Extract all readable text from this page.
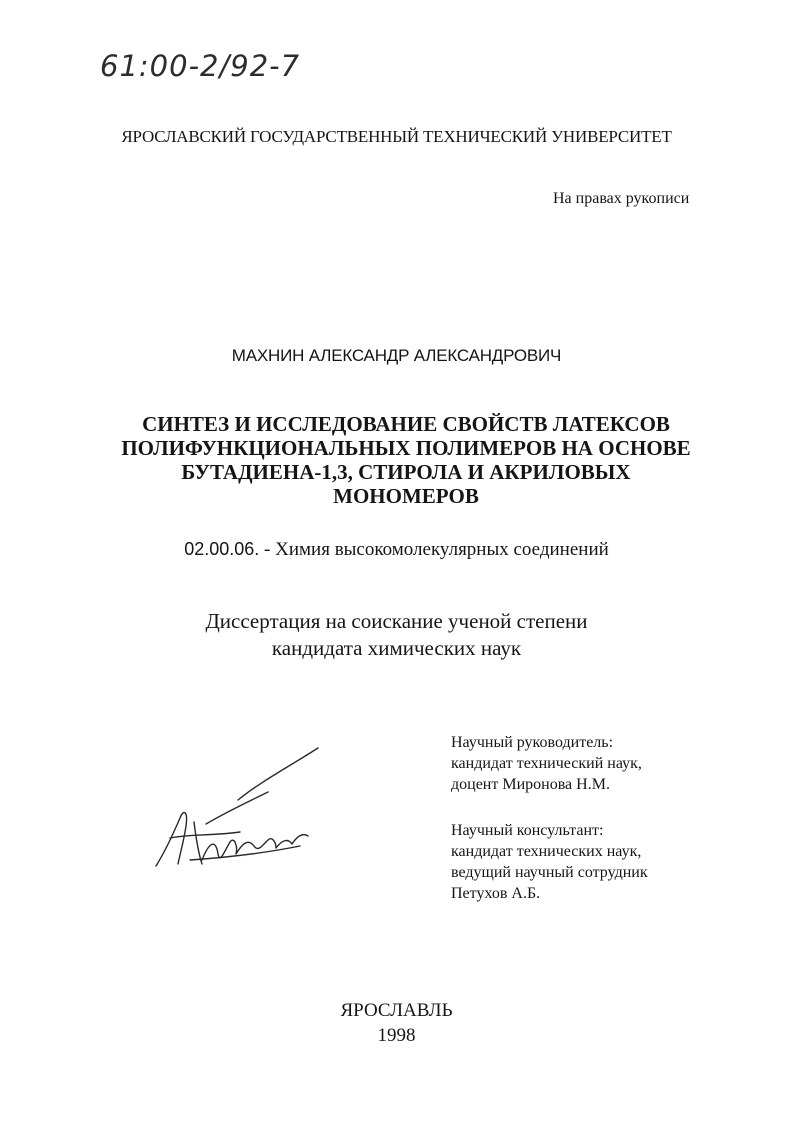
61:00-2/92-7

ЯРОСЛАВСКИЙ ГОСУДАРСТВЕННЫЙ ТЕХНИЧЕСКИЙ УНИВЕРСИТЕТ

На правах рукописи

МАХНИН АЛЕКСАНДР АЛЕКСАНДРОВИЧ

СИНТЕЗ И ИССЛЕДОВАНИЕ СВОЙСТВ ЛАТЕКСОВ
ПОЛИФУНКЦИОНАЛЬНЫХ ПОЛИМЕРОВ НА ОСНОВЕ
БУТАДИЕНА-1,3, СТИРОЛА И АКРИЛОВЫХ
МОНОМЕРОВ

02.00.06. - Химия высокомолекулярных соединений

Диссертация на соискание ученой степени
кандидата химических наук
Научный руководитель:
кандидат технический наук,
доцент Миронова Н.М.
Научный консультант:
кандидат технических наук,
ведущий научный сотрудник
Петухов А.Б.
ЯРОСЛАВЛЬ
1998
